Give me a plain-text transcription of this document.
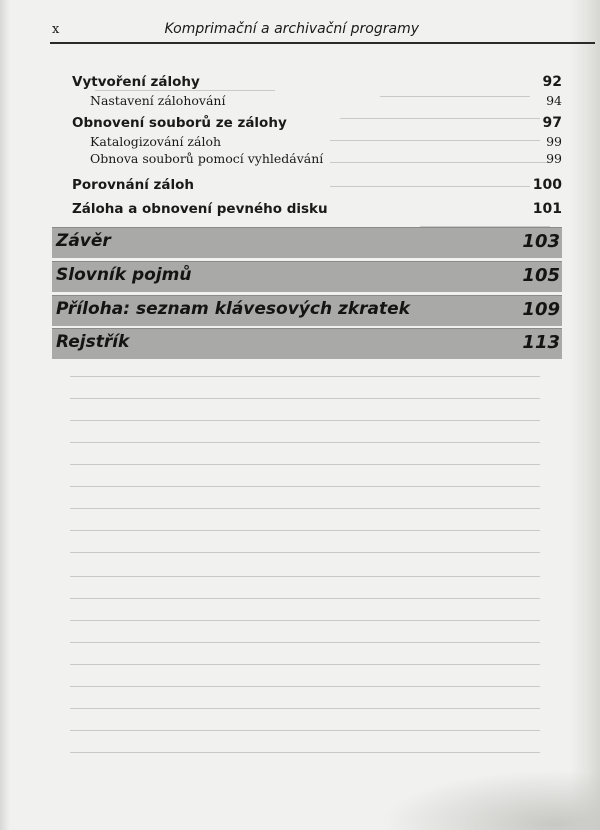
x	Komprimační a archivační programy
Vytvoření zálohy	92
Nastavení zálohování	94
Obnovení souborů ze zálohy	97
Katalogizování záloh	99
Obnova souborů pomocí vyhledávání	99
Porovnání záloh	100
Záloha a obnovení pevného disku	101
Závěr	103
Slovník pojmů	105
Příloha: seznam klávesových zkratek	109
Rejstřík	113
